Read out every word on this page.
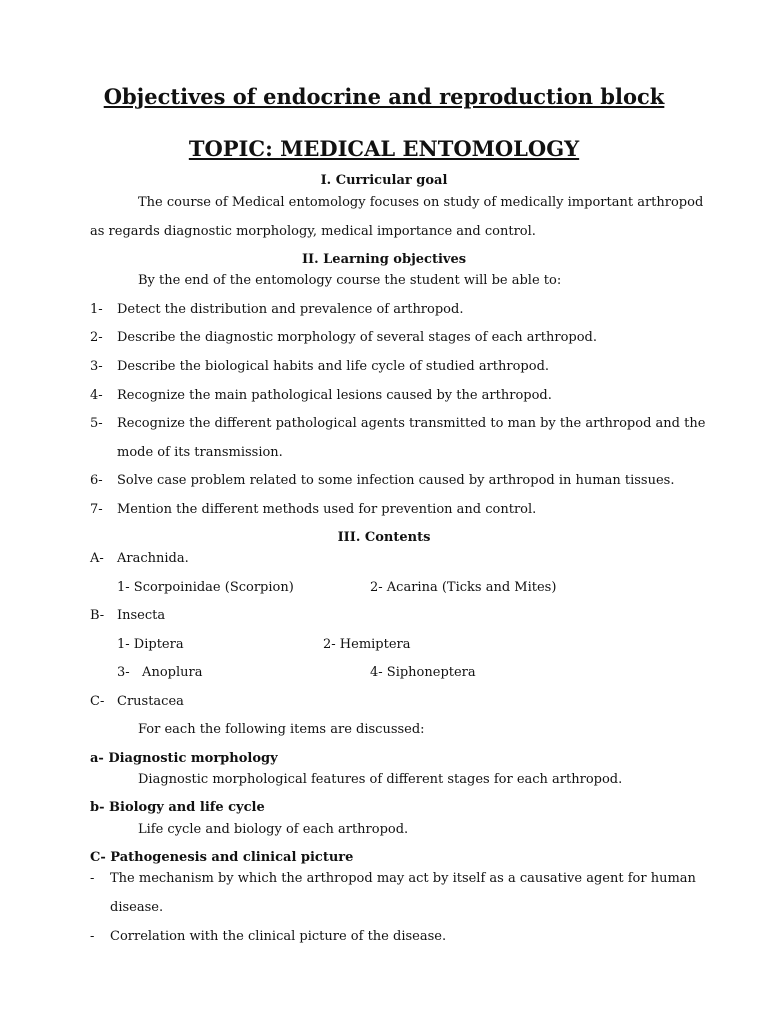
Objectives of endocrine and reproduction block
TOPIC: MEDICAL ENTOMOLOGY
I. Curricular goal
The course of Medical entomology focuses on study of medically important arthropod
as regards diagnostic morphology, medical importance and control.
II. Learning objectives
By the end of the entomology course the student will be able to:
1- Detect the distribution and prevalence of arthropod.
2- Describe the diagnostic morphology of several stages of each arthropod.
3- Describe the biological habits and life cycle of studied arthropod.
4- Recognize the main pathological lesions caused by the arthropod.
5- Recognize the different pathological agents transmitted to man by the arthropod and the
mode of its transmission.
6- Solve case problem related to some infection caused by arthropod in human tissues.
7- Mention the different methods used for prevention and control.
III. Contents
A- Arachnida.
1- Scorpoinidae (Scorpion)	2- Acarina (Ticks and Mites)
B- Insecta
1- Diptera	2- Hemiptera
3-   Anoplura	4- Siphoneptera
C- Crustacea
For each the following items are discussed:
a- Diagnostic morphology
Diagnostic morphological features of different stages for each arthropod.
b- Biology and life cycle
Life cycle and biology of each arthropod.
C- Pathogenesis and clinical picture
- The mechanism by which the arthropod may act by itself as a causative agent for human
disease.
- Correlation with the clinical picture of the disease.
